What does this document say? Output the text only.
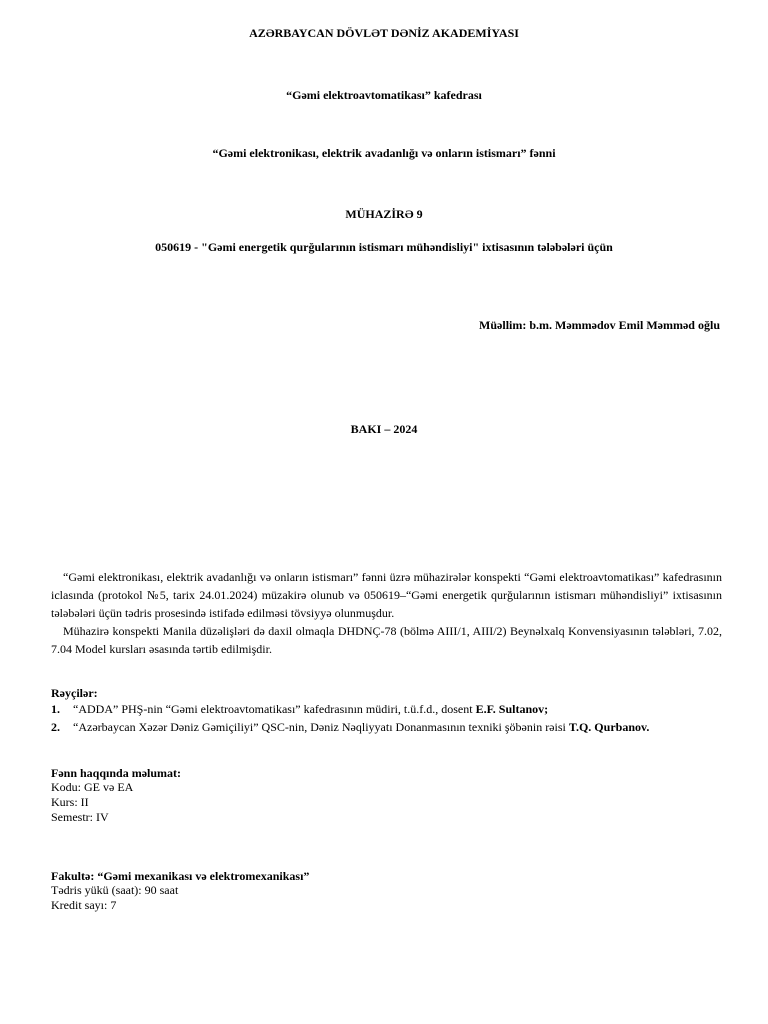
AZƏRBAYCAN DÖVLƏT DƏNİZ AKADEMİYASI
“Gəmi elektroavtomatikası” kafedrası
“Gəmi elektronikası, elektrik avadanlığı və onların istismarı” fənni
MÜHAZİRƏ 9
050619 - "Gəmi energetik qurğularının istismarı mühəndisliyi" ixtisasının tələbələri üçün
Müəllim: b.m. Məmmədov Emil Məmməd oğlu
BAKI – 2024

“Gəmi elektronikası, elektrik avadanlığı və onların istismarı” fənni üzrə mühazirələr konspekti “Gəmi elektroavtomatikası” kafedrasının iclasında (protokol №5, tarix 24.01.2024) müzakirə olunub və 050619–“Gəmi energetik qurğularının istismarı mühəndisliyi” ixtisasının tələbələri üçün tədris prosesində istifadə edilməsi tövsiyyə olunmuşdur.

Mühazirə konspekti Manila düzəlişləri də daxil olmaqla DHDNÇ-78 (bölmə AIII/1, AIII/2) Beynəlxalq Konvensiyasının tələbləri, 7.02, 7.04 Model kursları əsasında tərtib edilmişdir.

Rəyçilər:
1. “ADDA” PHŞ-nin “Gəmi elektroavtomatikası” kafedrasının müdiri, t.ü.f.d., dosent E.F. Sultanov;
2. “Azərbaycan Xəzər Dəniz Gəmiçiliyi” QSC-nin, Dəniz Nəqliyyatı Donanmasının texniki şöbənin rəisi T.Q. Qurbanov.
Fənn haqqında məlumat:
Kodu: GE və EA
Kurs: II
Semestr: IV
Fakultə: “Gəmi mexanikası və elektromexanikası”
Tədris yükü (saat): 90 saat
Kredit sayı: 7
